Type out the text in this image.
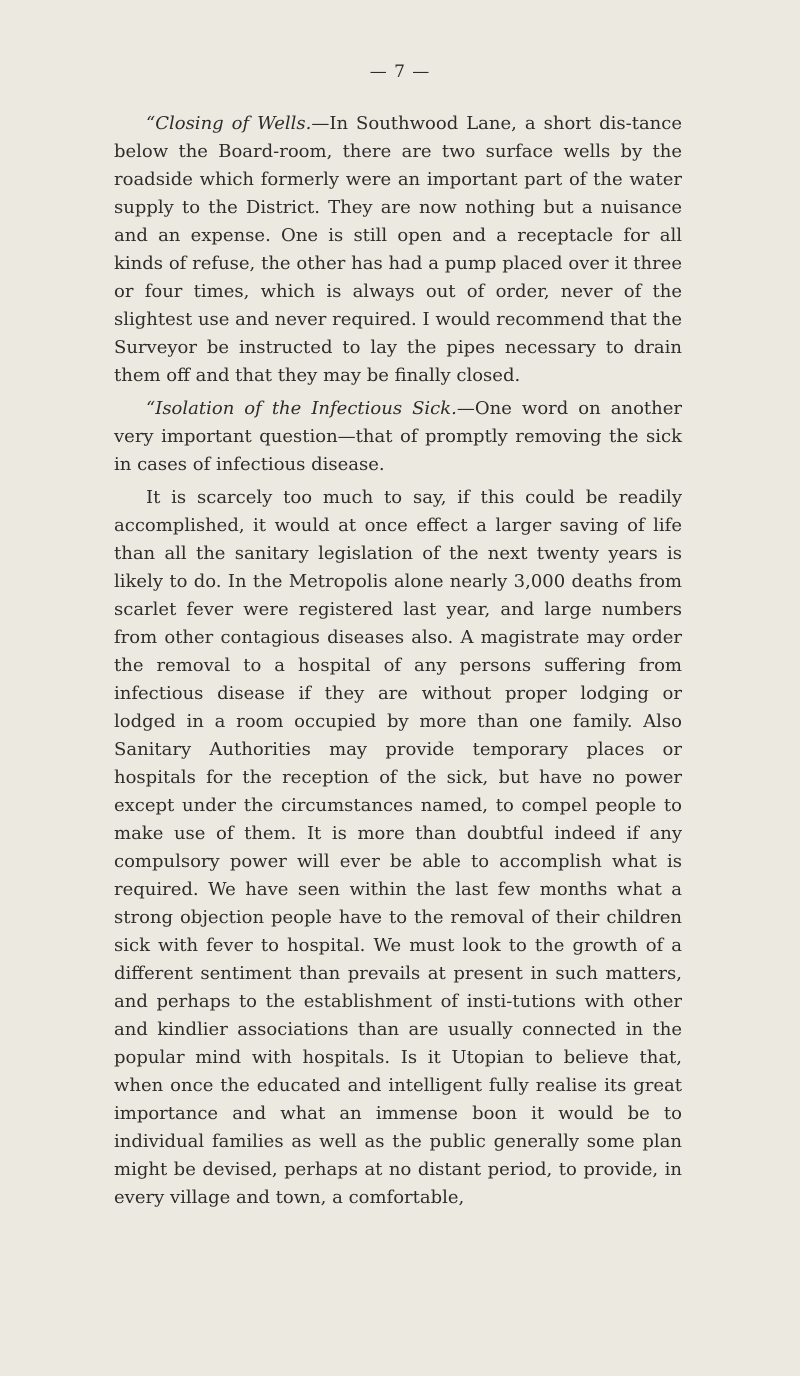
— 7 —

“Closing of Wells.—In Southwood Lane, a short dis-tance below the Board-room, there are two surface wells by the roadside which formerly were an important part of the water supply to the District. They are now nothing but a nuisance and an expense. One is still open and a receptacle for all kinds of refuse, the other has had a pump placed over it three or four times, which is always out of order, never of the slightest use and never required. I would recommend that the Surveyor be instructed to lay the pipes necessary to drain them off and that they may be finally closed.

“Isolation of the Infectious Sick.—One word on another very important question—that of promptly removing the sick in cases of infectious disease.

It is scarcely too much to say, if this could be readily accomplished, it would at once effect a larger saving of life than all the sanitary legislation of the next twenty years is likely to do. In the Metropolis alone nearly 3,000 deaths from scarlet fever were registered last year, and large numbers from other contagious diseases also. A magistrate may order the removal to a hospital of any persons suffering from infectious disease if they are without proper lodging or lodged in a room occupied by more than one family. Also Sanitary Authorities may provide temporary places or hospitals for the reception of the sick, but have no power except under the circumstances named, to compel people to make use of them. It is more than doubtful indeed if any compulsory power will ever be able to accomplish what is required. We have seen within the last few months what a strong objection people have to the removal of their children sick with fever to hospital. We must look to the growth of a different sentiment than prevails at present in such matters, and perhaps to the establishment of insti-tutions with other and kindlier associations than are usually connected in the popular mind with hospitals. Is it Utopian to believe that, when once the educated and intelligent fully realise its great importance and what an immense boon it would be to individual families as well as the public generally some plan might be devised, perhaps at no distant period, to provide, in every village and town, a comfortable,
